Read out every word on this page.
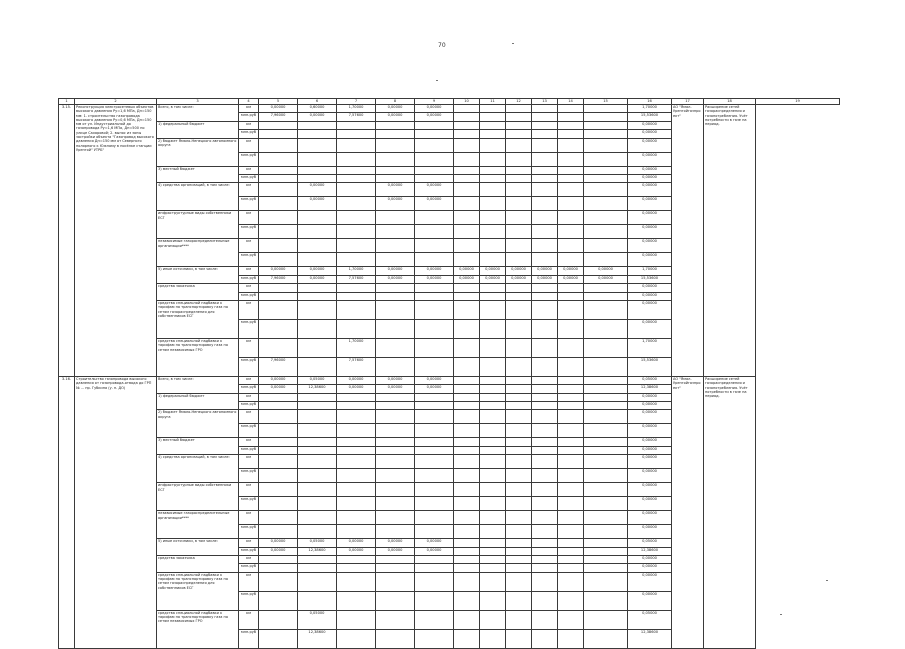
70
1	2	3	4	5	6	7	8	9	10	11	12	13	14	15	16	17	18	19
3.15.	Реконструкция электросетевых объектов высокого давления Ру=1,6 МПа, Дн=150 мм: 1. строительство газопровода высокого давления Ру=0,6 МПа, Дн=150 мм от ул. Индустриальной до газопровода Ру=1,6 МПа, Дн=500 по улице Сахаровой; 2. вынос из зоны застройки объекта "Газопровод высокого давления Дн=150 мм от Северного полярного к Южному в посёлке станции Уренгой" УТРБ"	Всего, в том числе:	км	0,00000	0,60000	1,70000	0,00000	0,00000							1,70000	АО "Ямал-Уренгойгазпроект"	Расширение сетей газораспределения и газопотребления. Учёт потребности в газе на период.	
			млн.руб	7,96000	0,00000	7,57600	0,00000	0,00000							15,53600			
		1) федеральный бюджет	км												0,00000			
			млн.руб												0,00000			
		2) бюджет Ямало-Ненецкого автономного округа	км												0,00000			
			млн.руб												0,00000			
		3) местный бюджет	км												0,00000			
			млн.руб												0,00000			
		4) средства организаций, в том числе:	км		0,00000		0,00000	0,00000							0,00000			
			млн.руб		0,00000		0,00000	0,00000							0,00000			
		инфраструктурные виды собственники ЕСГ	км												0,00000			
			млн.руб												0,00000			
		независимые газораспределительные организации****	км												0,00000			
			млн.руб												0,00000			
		5) иные источники, в том числе:	км	0,00000	0,00000	1,70000	0,00000	0,00000	0,00000	0,00000	0,00000	0,00000	0,00000	0,00000	1,70000			
			млн.руб	7,96000	0,00000	7,57600	0,00000	0,00000	0,00000	0,00000	0,00000	0,00000	0,00000	0,00000	15,53600			
		средства заказчика	км												0,00000			
			млн.руб												0,00000			
		средства специальной надбавки к тарифам на транспортировку газа по сетям газораспределения для собственников ЕСГ	км												0,00000			
			млн.руб												0,00000			
		средства специальной надбавки к тарифам на транспортировку газа по сетям независимых ГРО	км			1,70000									1,70000			
			млн.руб	7,96000		7,57600									15,53600			
3.16.	Строительство газопровода высокого давления от газопровода-отвода до ГРП № ... пр. Губкина (у. п. ДО)	Всего, в том числе:	км	0,00000	0,05000	0,00000	0,00000	0,00000							0,05000	АО "Ямал-Уренгойгазпроект"	Расширение сетей газораспределения и газопотребления. Учёт потребности в газе на период.	
			млн.руб	0,00000	12,38600	0,00000	0,00000	0,00000							12,38600			
		1) федеральный бюджет	км												0,00000			
			млн.руб												0,00000			
		2) бюджет Ямало-Ненецкого автономного округа	км												0,00000			
			млн.руб												0,00000			
		3) местный бюджет	км												0,00000			
			млн.руб												0,00000			
		4) средства организаций, в том числе:	км												0,00000			
			млн.руб												0,00000			
		инфраструктурные виды собственники ЕСГ	км												0,00000			
			млн.руб												0,00000			
		независимые газораспределительные организации****	км												0,00000			
			млн.руб												0,00000			
		5) иные источники, в том числе:	км	0,00000	0,05000	0,00000	0,00000	0,00000							0,05000			
			млн.руб	0,00000	12,38600	0,00000	0,00000	0,00000							12,38600			
		средства заказчика	км												0,00000			
			млн.руб												0,00000			
		средства специальной надбавки к тарифам на транспортировку газа по сетям газораспределения для собственников ЕСГ	км												0,00000			
			млн.руб												0,00000			
		средства специальной надбавки к тарифам на транспортировку газа по сетям независимых ГРО	км		0,05000										0,05000			
			млн.руб		12,38600										12,38600			
